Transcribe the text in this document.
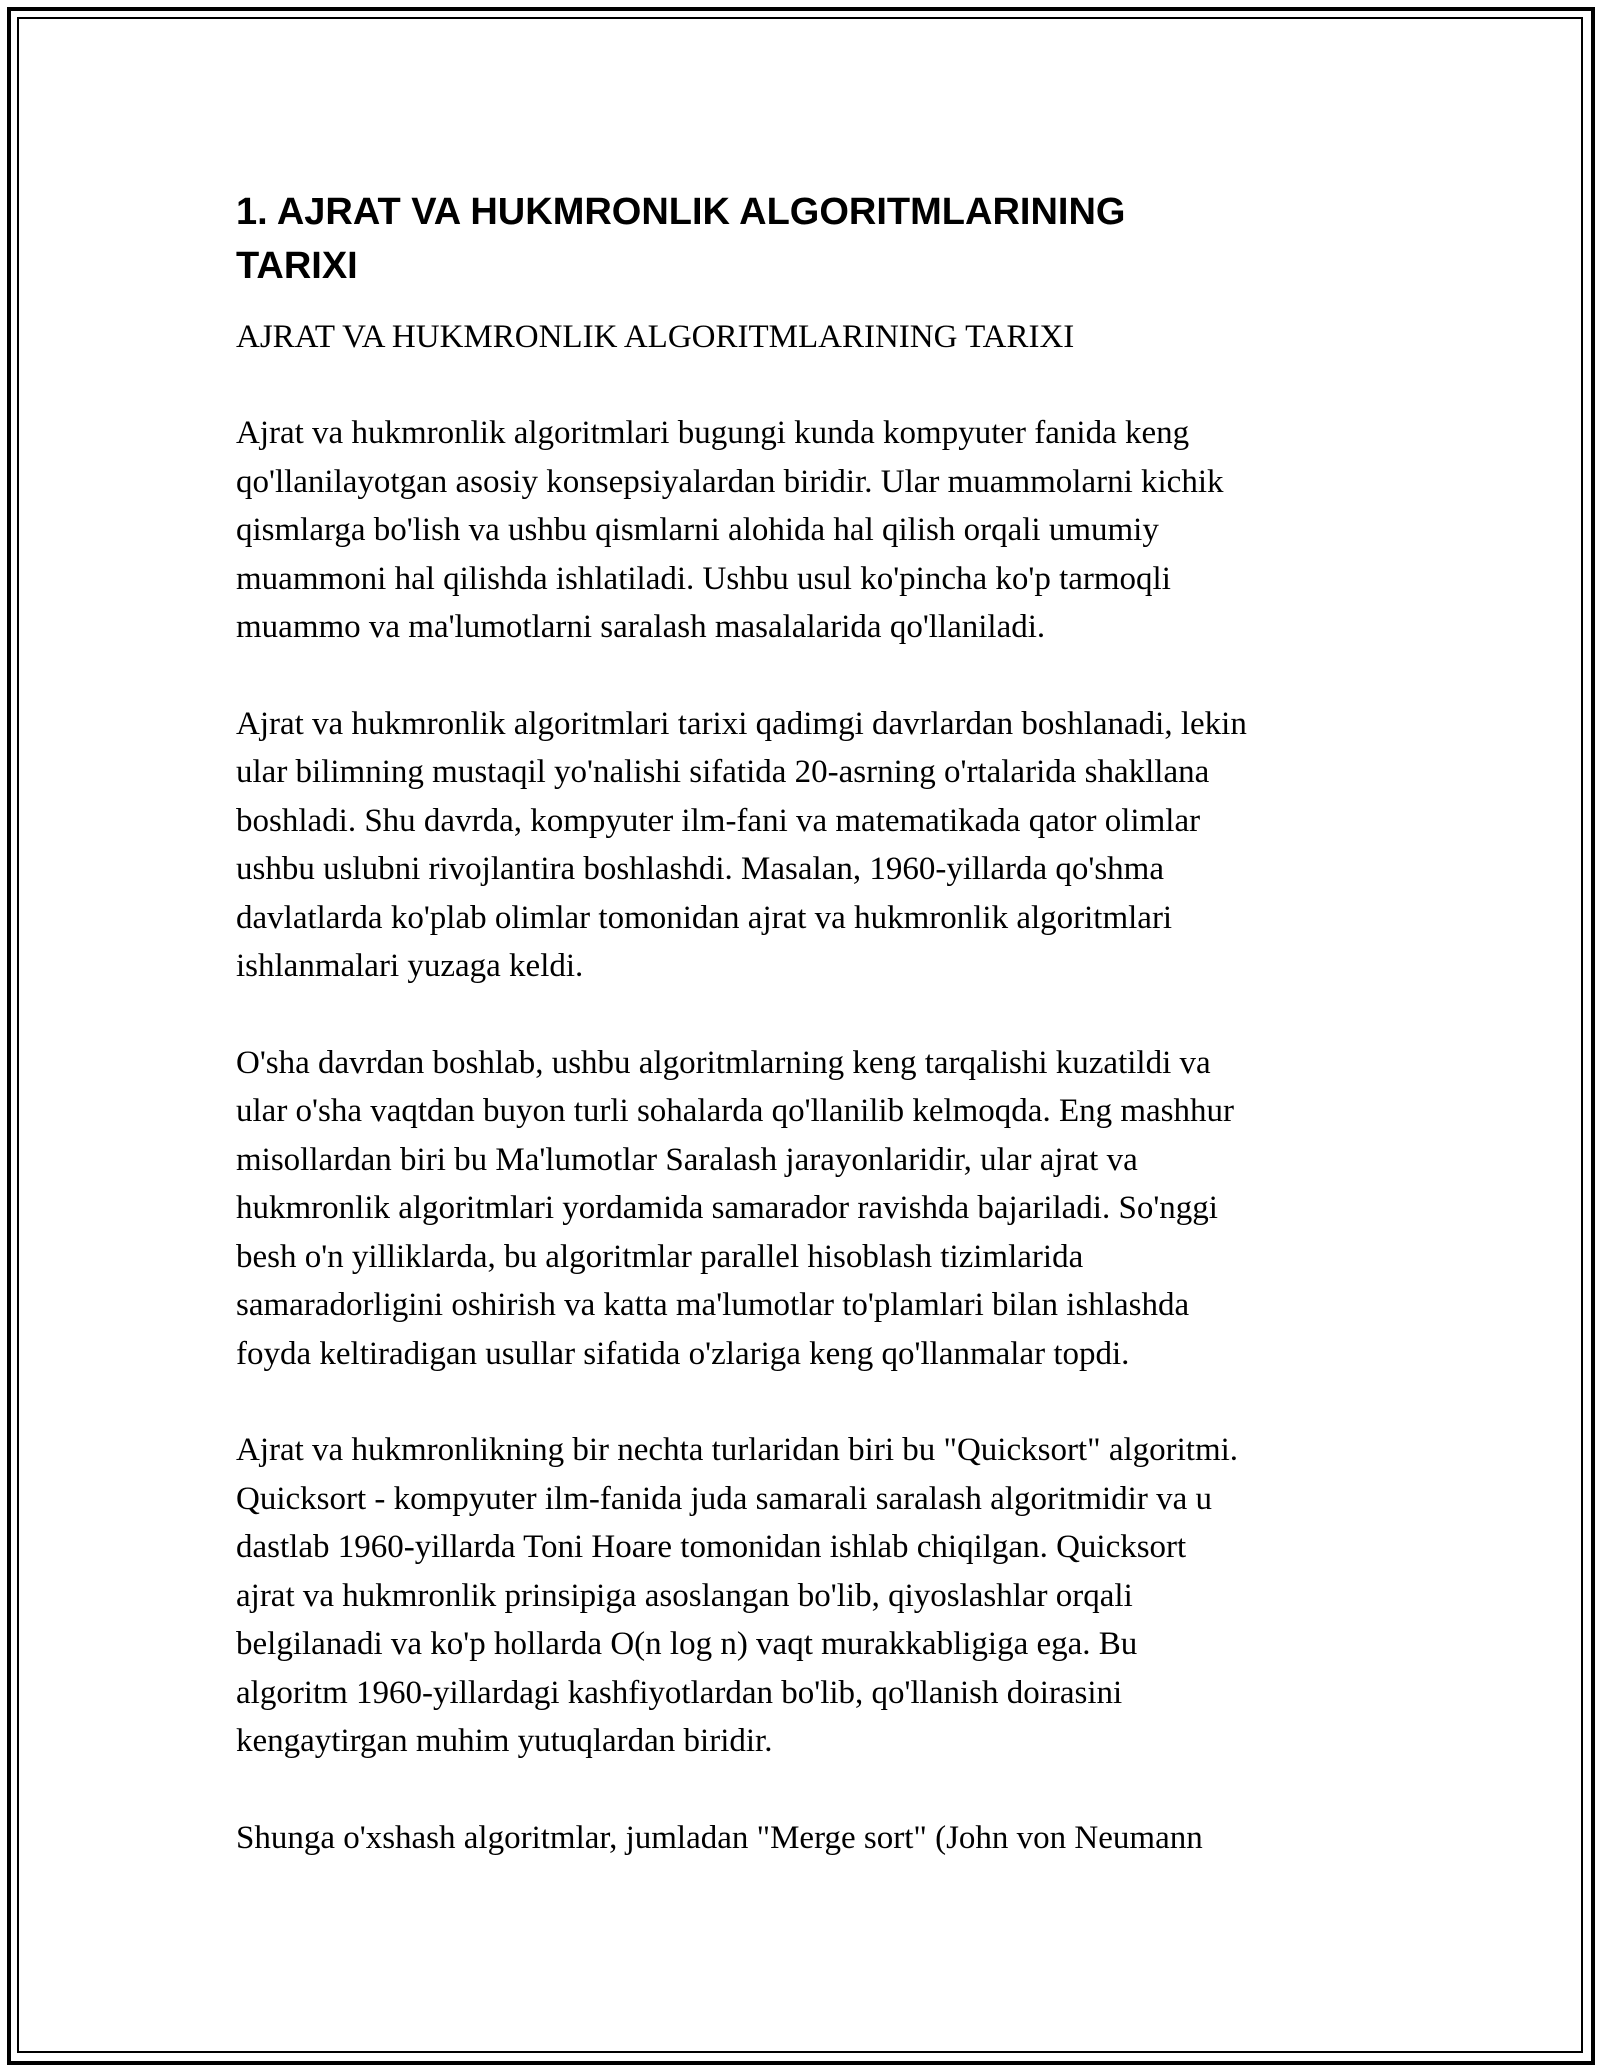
1. AJRAT VA HUKMRONLIK ALGORITMLARINING
TARIXI

AJRAT VA HUKMRONLIK ALGORITMLARINING TARIXI

Ajrat va hukmronlik algoritmlari bugungi kunda kompyuter fanida keng
qo'llanilayotgan asosiy konsepsiyalardan biridir. Ular muammolarni kichik
qismlarga bo'lish va ushbu qismlarni alohida hal qilish orqali umumiy
muammoni hal qilishda ishlatiladi. Ushbu usul ko'pincha ko'p tarmoqli
muammo va ma'lumotlarni saralash masalalarida qo'llaniladi.
Ajrat va hukmronlik algoritmlari tarixi qadimgi davrlardan boshlanadi, lekin
ular bilimning mustaqil yo'nalishi sifatida 20-asrning o'rtalarida shakllana
boshladi. Shu davrda, kompyuter ilm-fani va matematikada qator olimlar
ushbu uslubni rivojlantira boshlashdi. Masalan, 1960-yillarda qo'shma
davlatlarda ko'plab olimlar tomonidan ajrat va hukmronlik algoritmlari
ishlanmalari yuzaga keldi.
O'sha davrdan boshlab, ushbu algoritmlarning keng tarqalishi kuzatildi va
ular o'sha vaqtdan buyon turli sohalarda qo'llanilib kelmoqda. Eng mashhur
misollardan biri bu Ma'lumotlar Saralash jarayonlaridir, ular ajrat va
hukmronlik algoritmlari yordamida samarador ravishda bajariladi. So'nggi
besh o'n yilliklarda, bu algoritmlar parallel hisoblash tizimlarida
samaradorligini oshirish va katta ma'lumotlar to'plamlari bilan ishlashda
foyda keltiradigan usullar sifatida o'zlariga keng qo'llanmalar topdi.
Ajrat va hukmronlikning bir nechta turlaridan biri bu "Quicksort" algoritmi.
Quicksort - kompyuter ilm-fanida juda samarali saralash algoritmidir va u
dastlab 1960-yillarda Toni Hoare tomonidan ishlab chiqilgan. Quicksort
ajrat va hukmronlik prinsipiga asoslangan bo'lib, qiyoslashlar orqali
belgilanadi va ko'p hollarda O(n log n) vaqt murakkabligiga ega. Bu
algoritm 1960-yillardagi kashfiyotlardan bo'lib, qo'llanish doirasini
kengaytirgan muhim yutuqlardan biridir.
Shunga o'xshash algoritmlar, jumladan "Merge sort" (John von Neumann
